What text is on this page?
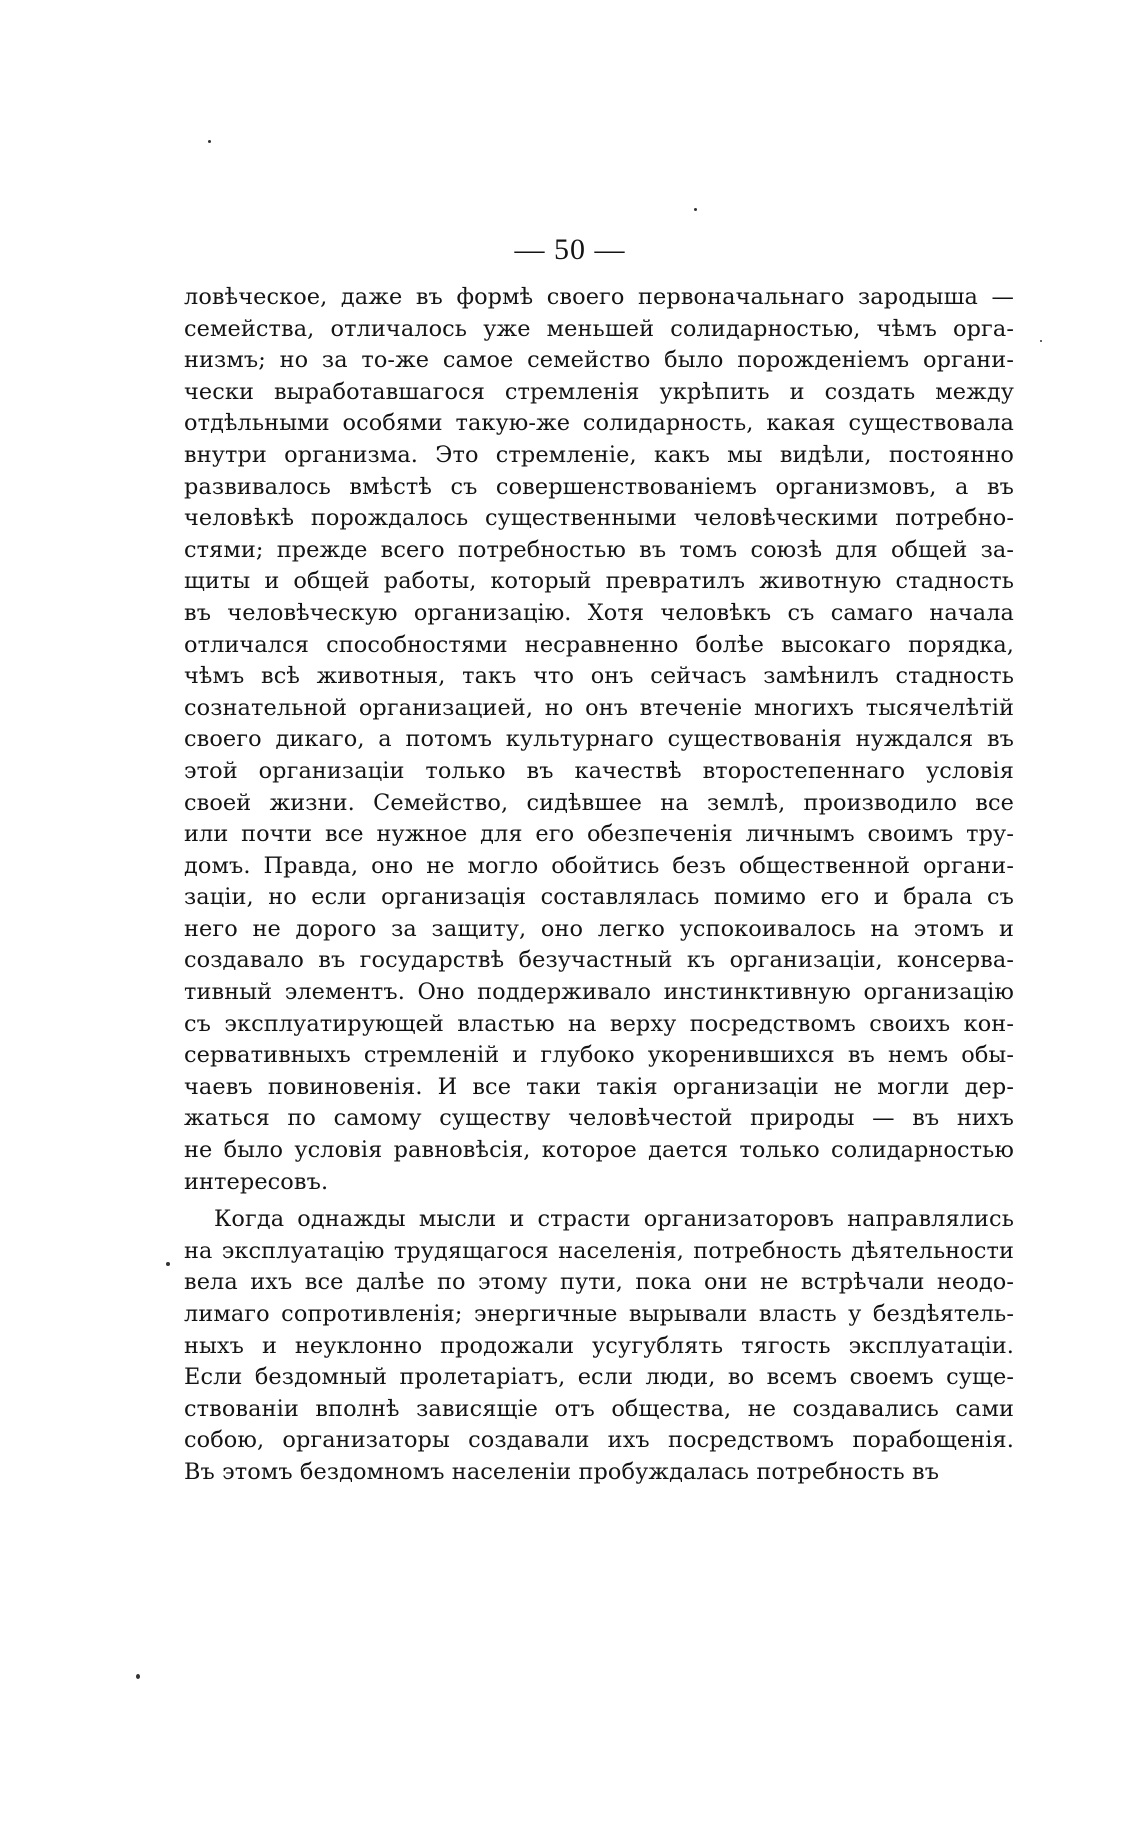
— 50 —
ловѣческое, даже въ формѣ своего первоначальнаго зародыша —
семейства, отличалось уже меньшей солидарностью, чѣмъ орга-
низмъ; но за то-же самое семейство было порожденіемъ органи-
чески выработавшагося стремленія укрѣпить и создать между
отдѣльными особями такую-же солидарность, какая существовала
внутри организма. Это стремленіе, какъ мы видѣли, постоянно
развивалось вмѣстѣ съ совершенствованіемъ организмовъ, а въ
человѣкѣ порождалось существенными человѣческими потребно-
стями; прежде всего потребностью въ томъ союзѣ для общей за-
щиты и общей работы, который превратилъ животную стадность
въ человѣческую организацію. Хотя человѣкъ съ самаго начала
отличался способностями несравненно болѣе высокаго порядка,
чѣмъ всѣ животныя, такъ что онъ сейчасъ замѣнилъ стадность
сознательной организацией, но онъ втеченіе многихъ тысячелѣтій
своего дикаго, а потомъ культурнаго существованія нуждался въ
этой организаціи только въ качествѣ второстепеннаго условія
своей жизни. Семейство, сидѣвшее на землѣ, производило все
или почти все нужное для его обезпеченія личнымъ своимъ тру-
домъ. Правда, оно не могло обойтись безъ общественной органи-
заціи, но если организація составлялась помимо его и брала съ
него не дорого за защиту, оно легко успокоивалось на этомъ и
создавало въ государствѣ безучастный къ организаціи, консерва-
тивный элементъ. Оно поддерживало инстинктивную организацію
съ эксплуатирующей властью на верху посредствомъ своихъ кон-
сервативныхъ стремленій и глубоко укоренившихся въ немъ обы-
чаевъ повиновенія. И все таки такія организаціи не могли дер-
жаться по самому существу человѣчестой природы — въ нихъ
не было условія равновѣсія, которое дается только солидарностью
интересовъ.
Когда однажды мысли и страсти организаторовъ направлялись
на эксплуатацію трудящагося населенія, потребность дѣятельности
вела ихъ все далѣе по этому пути, пока они не встрѣчали неодо-
лимаго сопротивленія; энергичные вырывали власть у бездѣятель-
ныхъ и неуклонно продожали усугублять тягость эксплуатаціи.
Если бездомный пролетаріатъ, если люди, во всемъ своемъ суще-
ствованіи вполнѣ зависящіе отъ общества, не создавались сами
собою, организаторы создавали ихъ посредствомъ порабощенія.
Въ этомъ бездомномъ населеніи пробуждалась потребность въ
